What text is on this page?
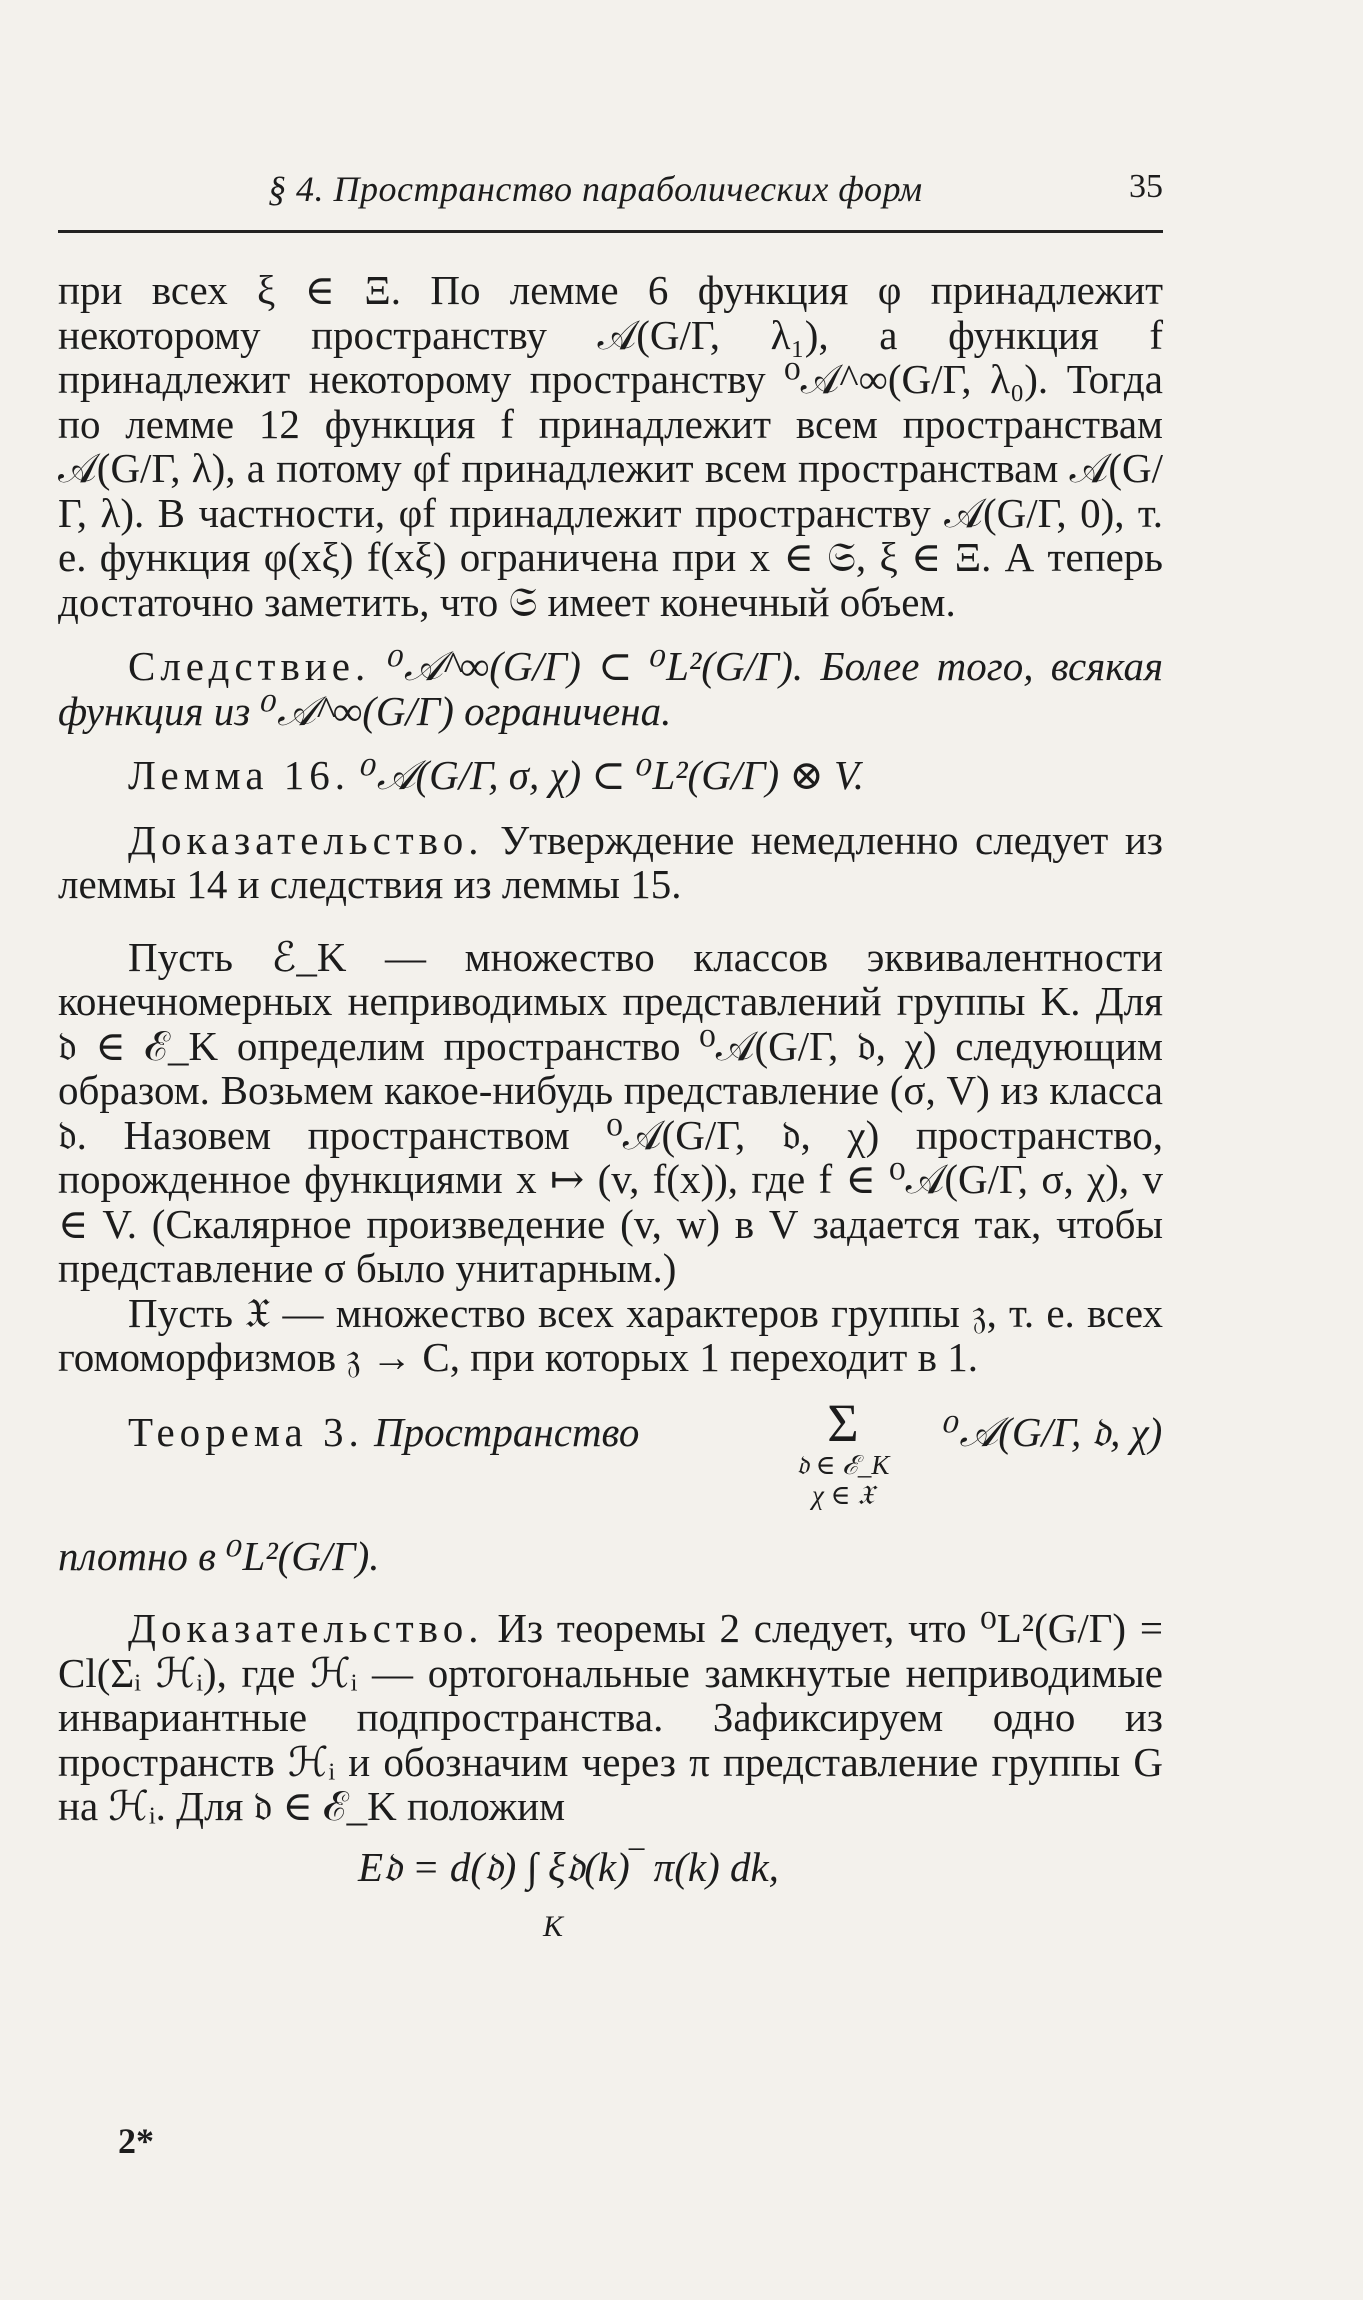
§ 4. Пространство параболических форм	35

при всех ξ ∈ Ξ. По лемме 6 функция φ принадлежит некоторому пространству 𝒜(G/Γ, λ₁), а функция f принадлежит некоторому пространству ⁰𝒜^∞(G/Γ, λ₀). Тогда по лемме 12 функция f принадлежит всем пространствам 𝒜(G/Γ, λ), а потому φf принадлежит всем пространствам 𝒜(G/Γ, λ). В частности, φf принадлежит пространству 𝒜(G/Γ, 0), т. е. функция φ(xξ) f(xξ) ограничена при x ∈ 𝔖, ξ ∈ Ξ. А теперь достаточно заметить, что 𝔖 имеет конечный объем.

Следствие. ⁰𝒜^∞(G/Γ) ⊂ ⁰L²(G/Γ). Более того, всякая функция из ⁰𝒜^∞(G/Γ) ограничена.

Лемма 16. ⁰𝒜(G/Γ, σ, χ) ⊂ ⁰L²(G/Γ) ⊗ V.

Доказательство. Утверждение немедленно следует из леммы 14 и следствия из леммы 15.

Пусть ℰ_K — множество классов эквивалентности конечномерных неприводимых представлений группы K. Для 𝔡 ∈ ℰ_K определим пространство ⁰𝒜(G/Γ, 𝔡, χ) следующим образом. Возьмем какое-нибудь представление (σ, V) из класса 𝔡. Назовем пространством ⁰𝒜(G/Γ, 𝔡, χ) пространство, порожденное функциями x ↦ (v, f(x)), где f ∈ ⁰𝒜(G/Γ, σ, χ), v ∈ V. (Скалярное произведение (v, w) в V задается так, чтобы представление σ было унитарным.)

Пусть 𝔛 — множество всех характеров группы 𝔷, т. е. всех гомоморфизмов 𝔷 → C, при которых 1 переходит в 1.

Теорема 3. Пространство	Σ
𝔡 ∈ ℰ_K
χ ∈ 𝔛
⁰𝒜(G/Γ, 𝔡, χ)

плотно в ⁰L²(G/Γ).

Доказательство. Из теоремы 2 следует, что ⁰L²(G/Γ) = Cl(Σᵢ ℋᵢ), где ℋᵢ — ортогональные замкнутые неприводимые инвариантные подпространства. Зафиксируем одно из пространств ℋᵢ и обозначим через π представление группы G на ℋᵢ. Для 𝔡 ∈ ℰ_K положим

E𝔡 = d(𝔡) ∫ ξ𝔡(k)‾ π(k) dk,
K
2*
